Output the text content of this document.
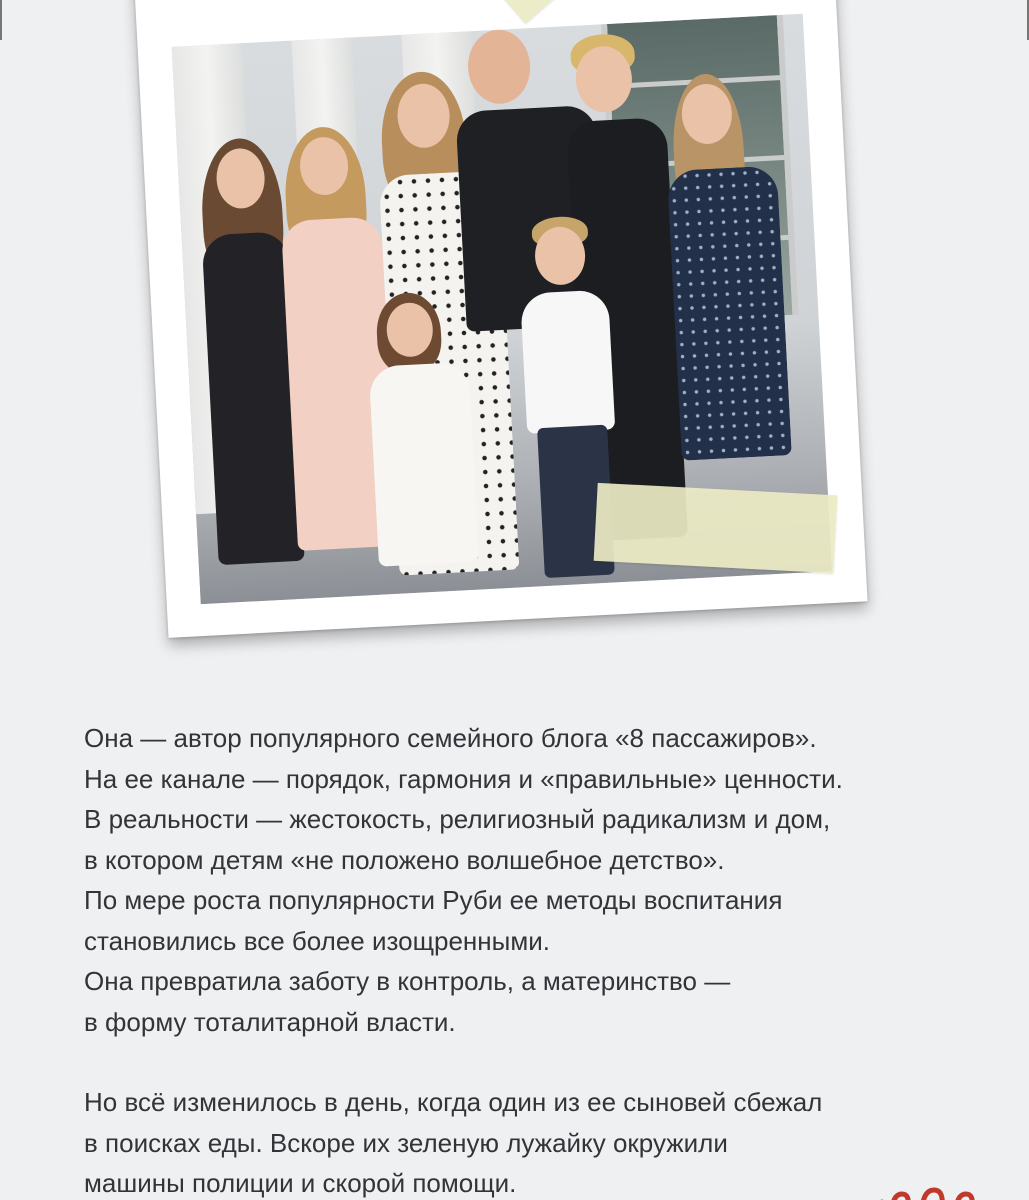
Она — автор популярного семейного блога «8 пассажиров».

На ее канале — порядок, гармония и «правильные» ценности.

В реальности — жестокость, религиозный радикализм и дом,

в котором детям «не положено волшебное детство».

По мере роста популярности Руби ее методы воспитания

становились все более изощренными.

Она превратила заботу в контроль, а материнство —

в форму тоталитарной власти.

Но всё изменилось в день, когда один из ее сыновей сбежал

в поисках еды. Вскоре их зеленую лужайку окружили

машины полиции и скорой помощи.
